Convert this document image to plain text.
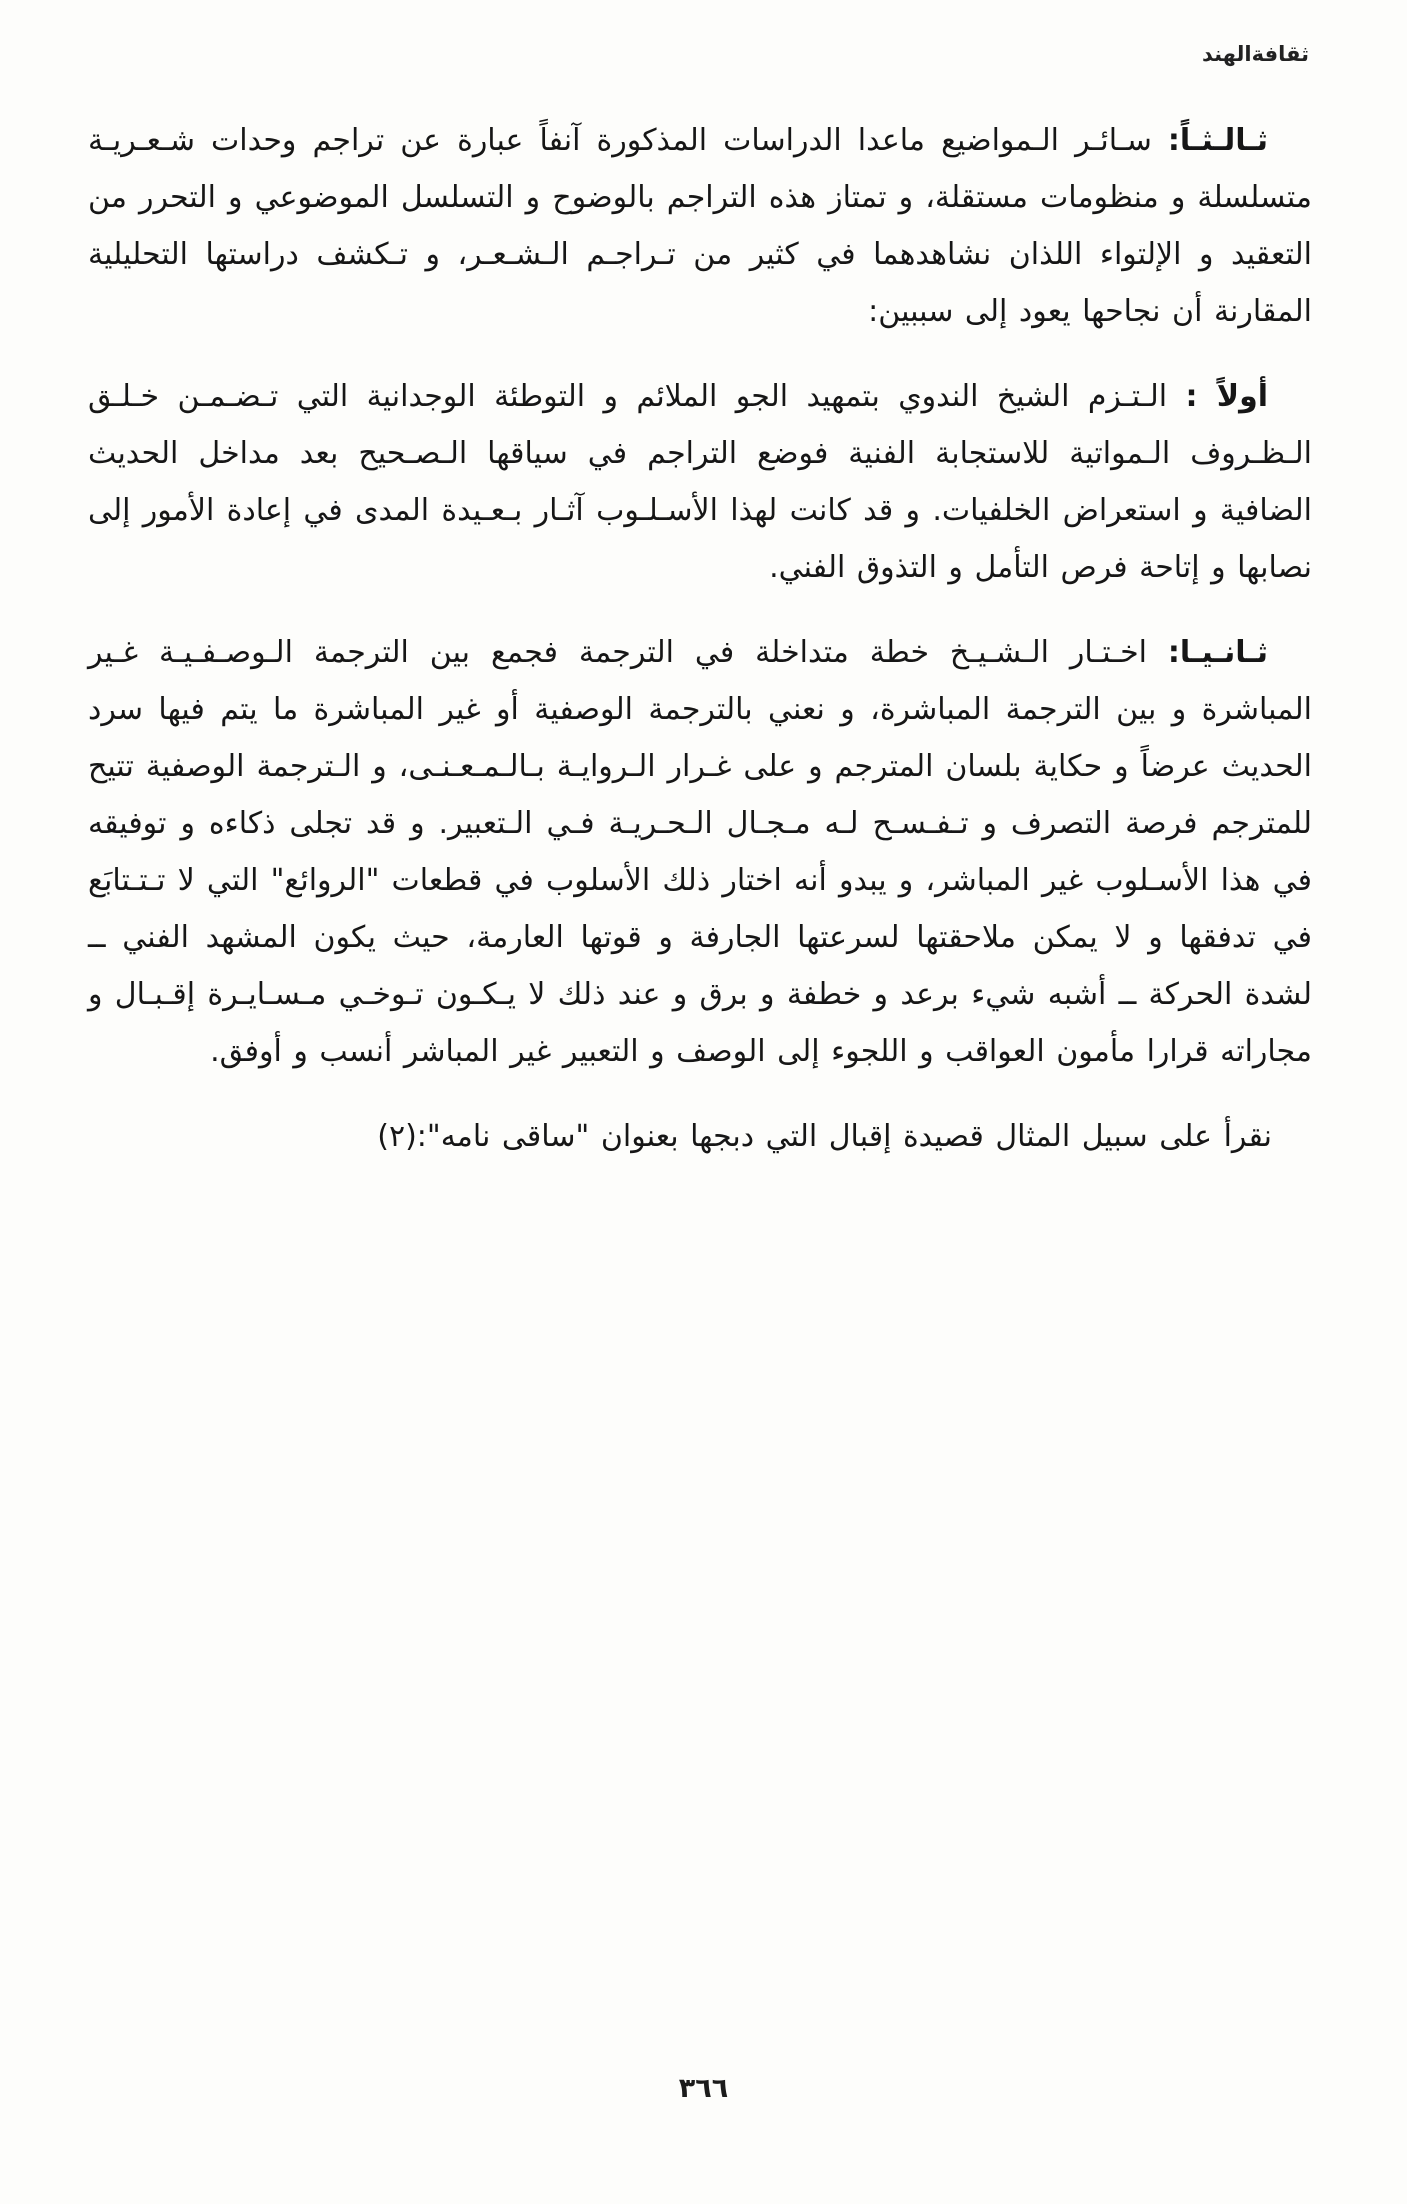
ثقافةالهند

ثـالـثـاً: سـائـر الـمواضيع ماعدا الدراسات المذكورة آنفاً عبارة عن تراجم وحدات شـعـريـة متسلسلة و منظومات مستقلة، و تمتاز هذه التراجم بالوضوح و التسلسل الموضوعي و التحرر من التعقيد و الإلتواء اللذان نشاهدهما في كثير من تـراجـم الـشـعـر، و تـكشف دراستها التحليلية المقارنة أن نجاحها يعود إلى سببين:

أولاً : الـتـزم الشيخ الندوي بتمهيد الجو الملائم و التوطئة الوجدانية التي تـضـمـن خـلـق الـظـروف الـمواتية للاستجابة الفنية فوضع التراجم في سياقها الـصـحيح بعد مداخل الحديث الضافية و استعراض الخلفيات. و قد كانت لهذا الأسـلـوب آثـار بـعـيدة المدى في إعادة الأمور إلى نصابها و إتاحة فرص التأمل و التذوق الفني.

ثـانـيـا: اخـتـار الـشـيـخ خطة متداخلة في الترجمة فجمع بين الترجمة الـوصـفـيـة غـير المباشرة و بين الترجمة المباشرة، و نعني بالترجمة الوصفية أو غير المباشرة ما يتم فيها سرد الحديث عرضاً و حكاية بلسان المترجم و على غـرار الـروايـة بـالـمـعـنـى، و الـترجمة الوصفية تتيح للمترجم فرصة التصرف و تـفـسـح لـه مـجـال الـحـريـة فـي الـتعبير. و قد تجلى ذكاءه و توفيقه في هذا الأسـلوب غير المباشر، و يبدو أنه اختار ذلك الأسلوب في قطعات "الروائع" التي لا تـتـتابَع في تدفقها و لا يمكن ملاحقتها لسرعتها الجارفة و قوتها العارمة، حيث يكون المشهد الفني ــ لشدة الحركة ــ أشبه شيء برعد و خطفة و برق و عند ذلك لا يـكـون تـوخـي مـسـايـرة إقـبـال و مجاراته قرارا مأمون العواقب و اللجوء إلى الوصف و التعبير غير المباشر أنسب و أوفق.

نقرأ على سبيل المثال قصيدة إقبال التي دبجها بعنوان "ساقى نامه":(٢)

٣٦٦
